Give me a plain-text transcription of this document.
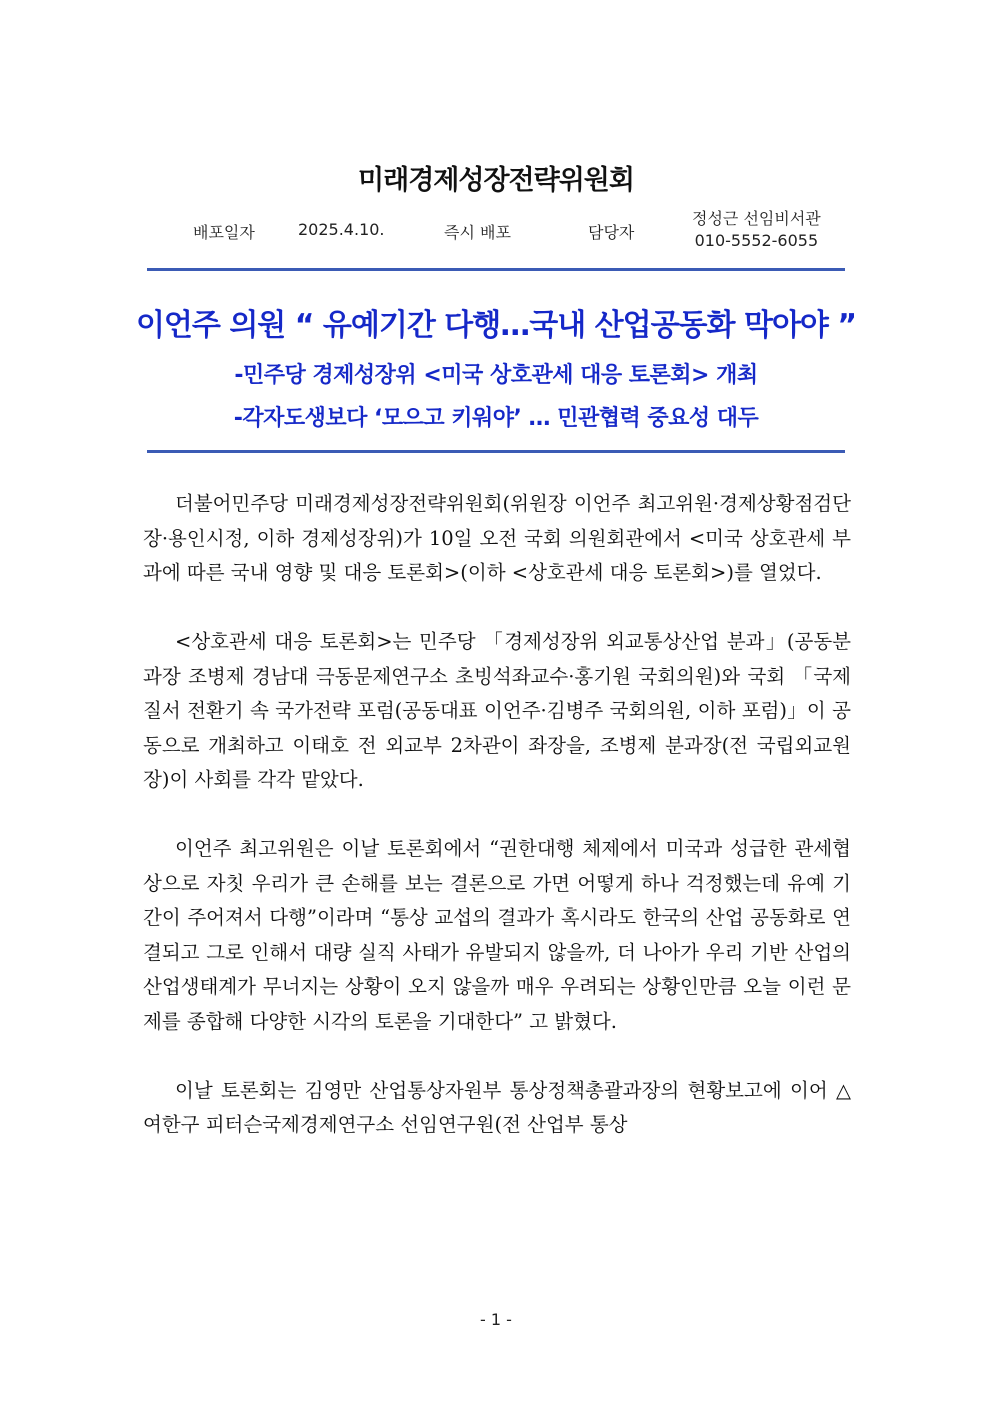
미래경제성장전략위원회
배포일자	2025.4.10.	즉시 배포	담당자
정성근 선임비서관
010-5552-6055
이언주 의원 “ 유예기간 다행…국내 산업공동화 막아야 ”
-민주당 경제성장위 <미국 상호관세 대응 토론회> 개최
-각자도생보다 ‘모으고 키워야’ … 민관협력 중요성 대두

더불어민주당 미래경제성장전략위원회(위원장 이언주 최고위원·경제상황점검단장·용인시정, 이하 경제성장위)가 10일 오전 국회 의원회관에서 <미국 상호관세 부과에 따른 국내 영향 및 대응 토론회>(이하 <상호관세 대응 토론회>)를 열었다.

<상호관세 대응 토론회>는 민주당 「경제성장위 외교통상산업 분과」(공동분과장 조병제 경남대 극동문제연구소 초빙석좌교수·홍기원 국회의원)와 국회 「국제질서 전환기 속 국가전략 포럼(공동대표 이언주·김병주 국회의원, 이하 포럼)」이 공동으로 개최하고 이태호 전 외교부 2차관이 좌장을, 조병제 분과장(전 국립외교원장)이 사회를 각각 맡았다.

이언주 최고위원은 이날 토론회에서 “권한대행 체제에서 미국과 성급한 관세협상으로 자칫 우리가 큰 손해를 보는 결론으로 가면 어떻게 하나 걱정했는데 유예 기간이 주어져서 다행”이라며 “통상 교섭의 결과가 혹시라도 한국의 산업 공동화로 연결되고 그로 인해서 대량 실직 사태가 유발되지 않을까, 더 나아가 우리 기반 산업의 산업생태계가 무너지는 상황이 오지 않을까 매우 우려되는 상황인만큼 오늘 이런 문제를 종합해 다양한 시각의 토론을 기대한다” 고 밝혔다.

이날 토론회는 김영만 산업통상자원부 통상정책총괄과장의 현황보고에 이어 △여한구 피터슨국제경제연구소 선임연구원(전 산업부 통상

- 1 -
